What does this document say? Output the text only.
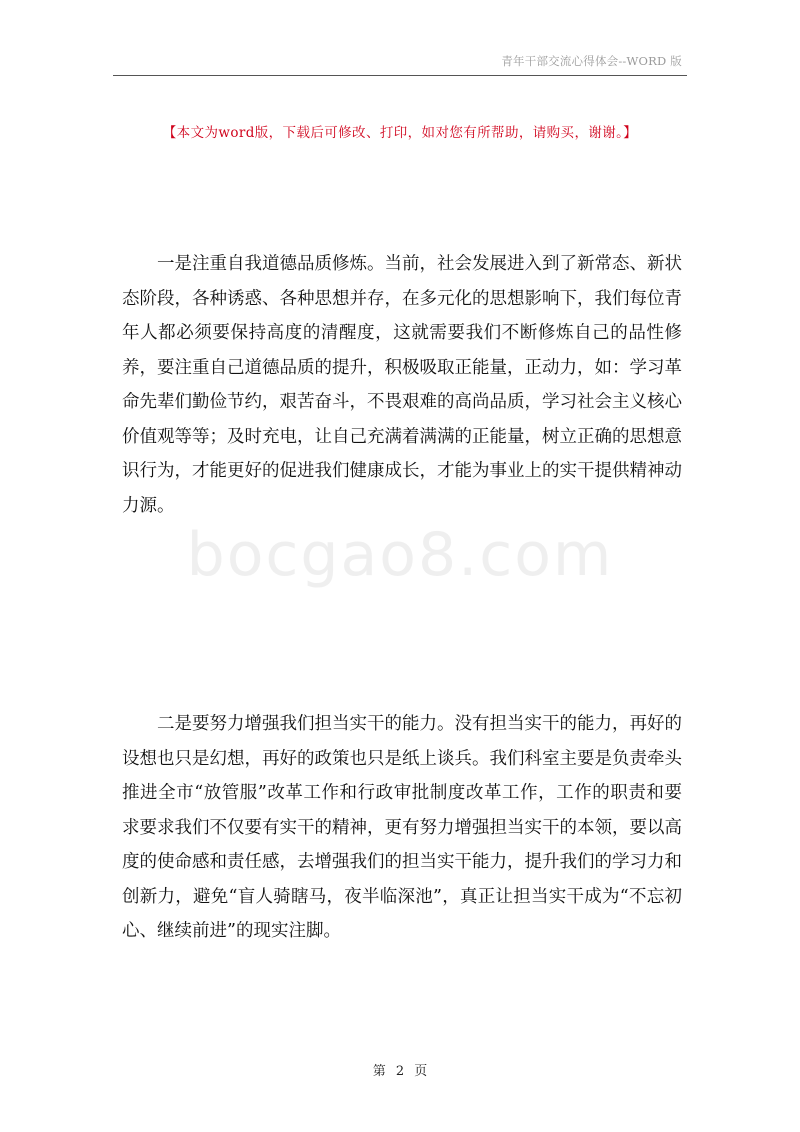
青年干部交流心得体会--WORD 版
【本文为word版，下载后可修改、打印，如对您有所帮助，请购买，谢谢。】

一是注重自我道德品质修炼。当前，社会发展进入到了新常态、新状态阶段，各种诱惑、各种思想并存，在多元化的思想影响下，我们每位青年人都必须要保持高度的清醒度，这就需要我们不断修炼自己的品性修养，要注重自己道德品质的提升，积极吸取正能量，正动力，如：学习革命先辈们勤俭节约，艰苦奋斗，不畏艰难的高尚品质，学习社会主义核心价值观等等；及时充电，让自己充满着满满的正能量，树立正确的思想意识行为，才能更好的促进我们健康成长，才能为事业上的实干提供精神动力源。

二是要努力增强我们担当实干的能力。没有担当实干的能力，再好的设想也只是幻想，再好的政策也只是纸上谈兵。我们科室主要是负责牵头推进全市“放管服”改革工作和行政审批制度改革工作，工作的职责和要求要求我们不仅要有实干的精神，更有努力增强担当实干的本领，要以高度的使命感和责任感，去增强我们的担当实干能力，提升我们的学习力和创新力，避免“盲人骑瞎马，夜半临深池”，真正让担当实干成为“不忘初心、继续前进”的现实注脚。

bocgao8.com
第 2 页
